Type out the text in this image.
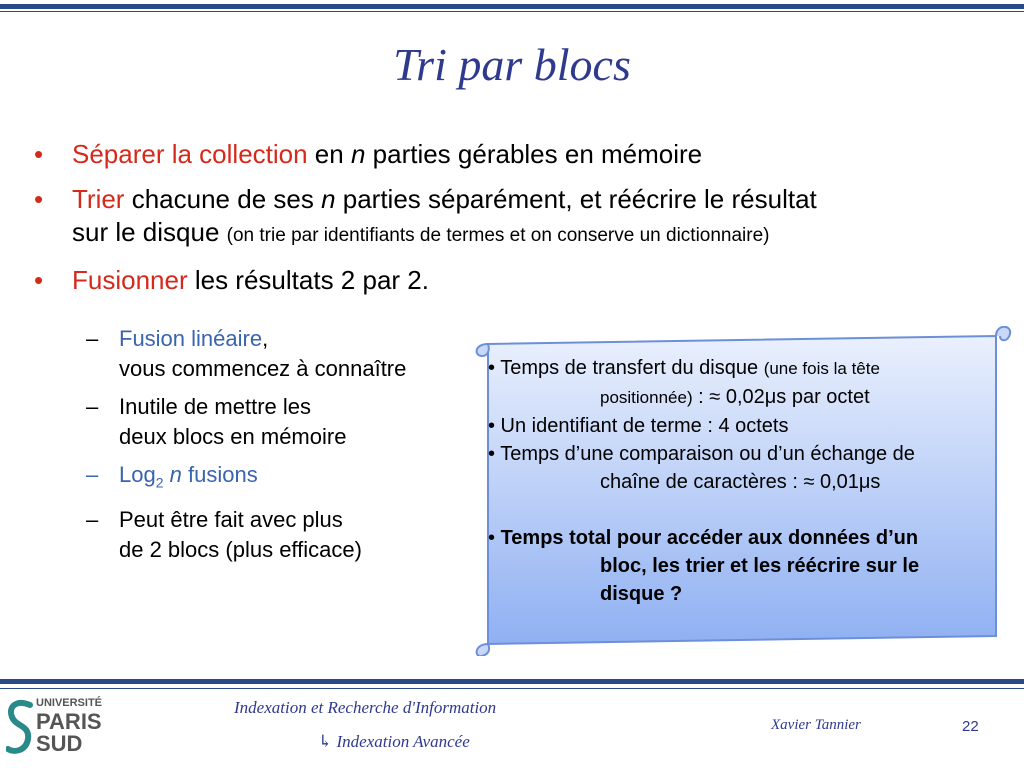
Tri par blocs
• Séparer la collection en n parties gérables en mémoire
• Trier chacune de ses n parties séparément, et réécrire le résultat
sur le disque (on trie par identifiants de termes et on conserve un dictionnaire)
• Fusionner les résultats 2 par 2.
– Fusion linéaire,
vous commencez à connaître
– Inutile de mettre les
deux blocs en mémoire
– Log$_2$ n fusions
– Peut être fait avec plus
de 2 blocs (plus efficace)

• Temps de transfert du disque (une fois la tête

positionnée) : ≈ 0,02μs par octet

• Un identifiant de terme : 4 octets

• Temps d’une comparaison ou d’un échange de

chaîne de caractères : ≈ 0,01μs

• Temps total pour accéder aux données d’un

bloc, les trier et les réécrire sur le

disque ?

UNIVERSITÉ
PARIS
SUD
Indexation et Recherche d'Information
↳ Indexation Avancée
Xavier Tannier	22
